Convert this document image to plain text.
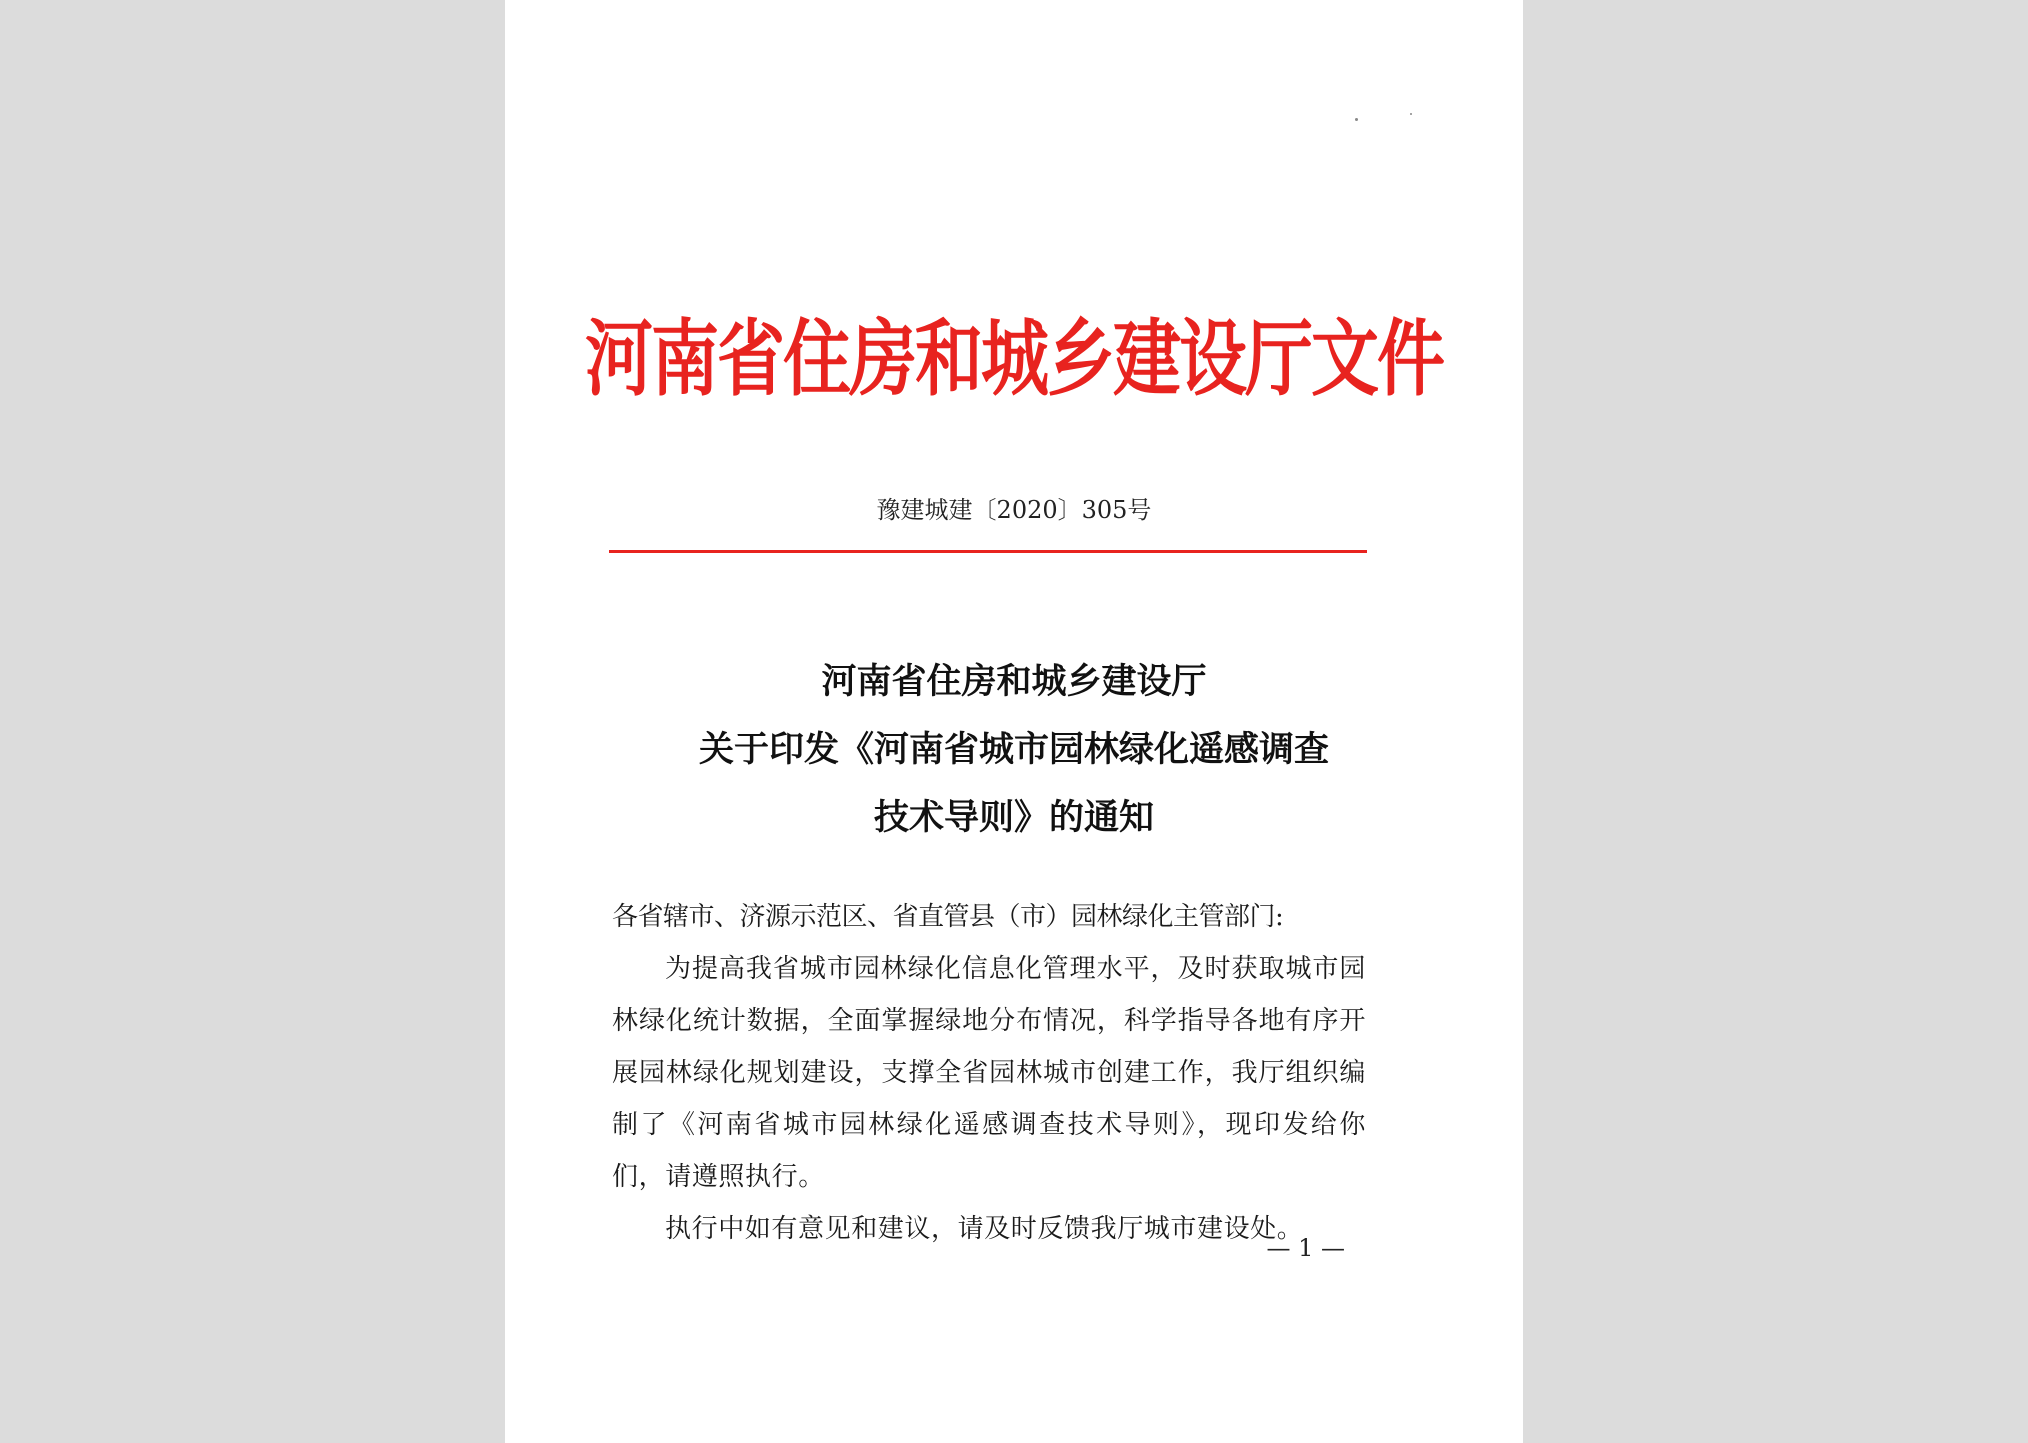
河南省住房和城乡建设厅文件
豫建城建〔2020〕305号
河南省住房和城乡建设厅
关于印发《河南省城市园林绿化遥感调查
技术导则》的通知

各省辖市、济源示范区、省直管县（市）园林绿化主管部门:

为提高我省城市园林绿化信息化管理水平，及时获取城市园林绿化统计数据，全面掌握绿地分布情况，科学指导各地有序开展园林绿化规划建设，支撑全省园林城市创建工作，我厅组织编制了《河南省城市园林绿化遥感调查技术导则》，现印发给你们，请遵照执行。

执行中如有意见和建议，请及时反馈我厅城市建设处。

— 1 —
